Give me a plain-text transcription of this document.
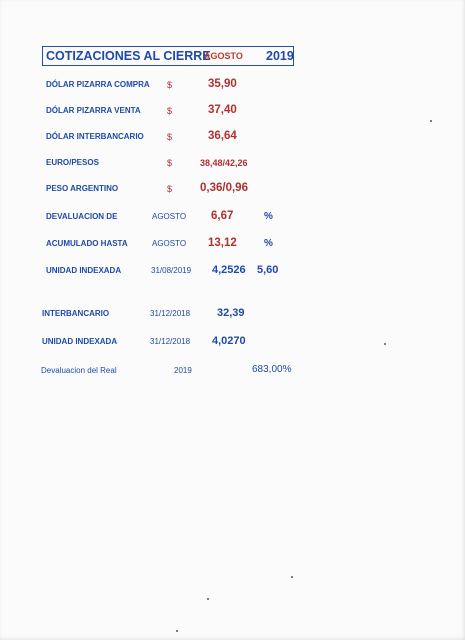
COTIZACIONES AL CIERRE
AGOSTO 2019
DÓLAR PIZARRA COMPRA $	35,90
DÓLAR PIZARRA VENTA	$	37,40
DÓLAR INTERBANCARIO	$	36,64
EURO/PESOS	$	38,48/42,26
PESO ARGENTINO	$ 0,36/0,96
DEVALUACION DE	AGOSTO 6,67	%
ACUMULADO HASTA	AGOSTO 13,12	%
UNIDAD INDEXADA	31/08/2019 4,2526 5,60
INTERBANCARIO	31/12/2018 32,39
UNIDAD INDEXADA	31/12/2018 4,0270
Devaluacion del Real	2019	683,00%
